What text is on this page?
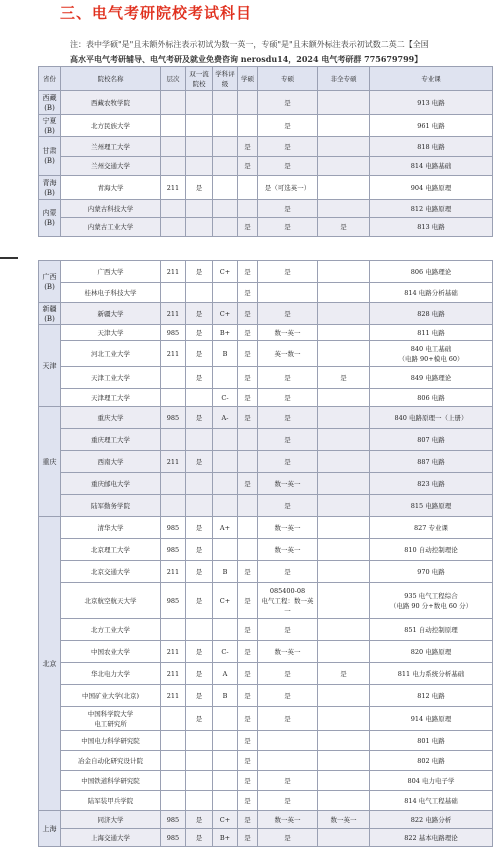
三、电气考研院校考试科目
注：表中学硕"是"且未额外标注表示初试为数一英一，专硕"是"且未额外标注表示初试数二英二【全国
高水平电气考研辅导、电气考研及就业免费咨询 nerosdu14，2024 电气考研群 775679799】
省份	院校名称	层次	双一流院校	学科评级	学硕	专硕	非全专硕	专业课
西藏
(B)	西藏农牧学院					是		913 电路
宁夏
(B)	北方民族大学					是		961 电路
甘肃
(B)	兰州理工大学				是	是		818 电路
	兰州交通大学				是	是		814 电路基础
青海
(B)	青海大学	211	是			是（可选英一）		904 电路原理
内蒙
(B)	内蒙古科技大学					是		812 电路原理
	内蒙古工业大学				是	是	是	813 电路
广西
(B)	广西大学	211	是	C+	是	是		806 电路理论
	桂林电子科技大学				是			814 电路分析基础
新疆
(B)	新疆大学	211	是	C+	是	是		828 电路
天津	天津大学	985	是	B+	是	数一英一		811 电路
	河北工业大学	211	是	B	是	英一数一		840 电工基础
（电路 90+模电 60）
	天津工业大学		是		是	是	是	849 电路理论
	天津理工大学			C-	是	是		806 电路
重庆	重庆大学	985	是	A-	是	是		840 电路原理一（上册）
	重庆理工大学					是		807 电路
	西南大学	211	是			是		887 电路
	重庆邮电大学				是	数一英一		823 电路
	陆军勤务学院					是		815 电路原理
北京	清华大学	985	是	A+		数一英一		827 专业课
	北京理工大学	985	是			数一英一		810 自动控制理论
	北京交通大学	211	是	B	是	是		970 电路
	北京航空航天大学	985	是	C+	是	085400-08
电气工程：数一英一		935 电气工程综合
（电路 90 分+数电 60 分）
	北方工业大学				是	是		851 自动控制原理
	中国农业大学	211	是	C-	是	数一英一		820 电路原理
	华北电力大学	211	是	A	是	是	是	811 电力系统分析基础
	中国矿业大学(北京)	211	是	B	是	是		812 电路
	中国科学院大学
电工研究所		是		是	是		914 电路原理
	中国电力科学研究院				是			801 电路
	冶金自动化研究设计院				是			802 电路
	中国铁道科学研究院				是	是		804 电力电子学
	陆军装甲兵学院				是	是		814 电气工程基础
上海	同济大学	985	是	C+	是	数一英一	数一英一	822 电路分析
	上海交通大学	985	是	B+	是	是		822 基本电路理论
